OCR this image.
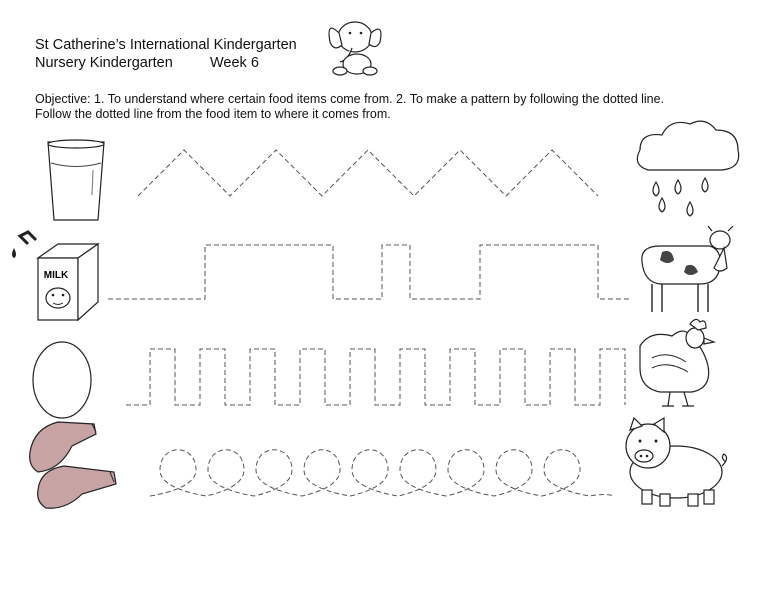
St Catherine’s International Kindergarten
Nursery Kindergarten	Week 6
Objective: 1. To understand where certain food items come from. 2. To make a pattern by following the dotted line.
Follow the dotted line from the food item to where it comes from.
MILK
